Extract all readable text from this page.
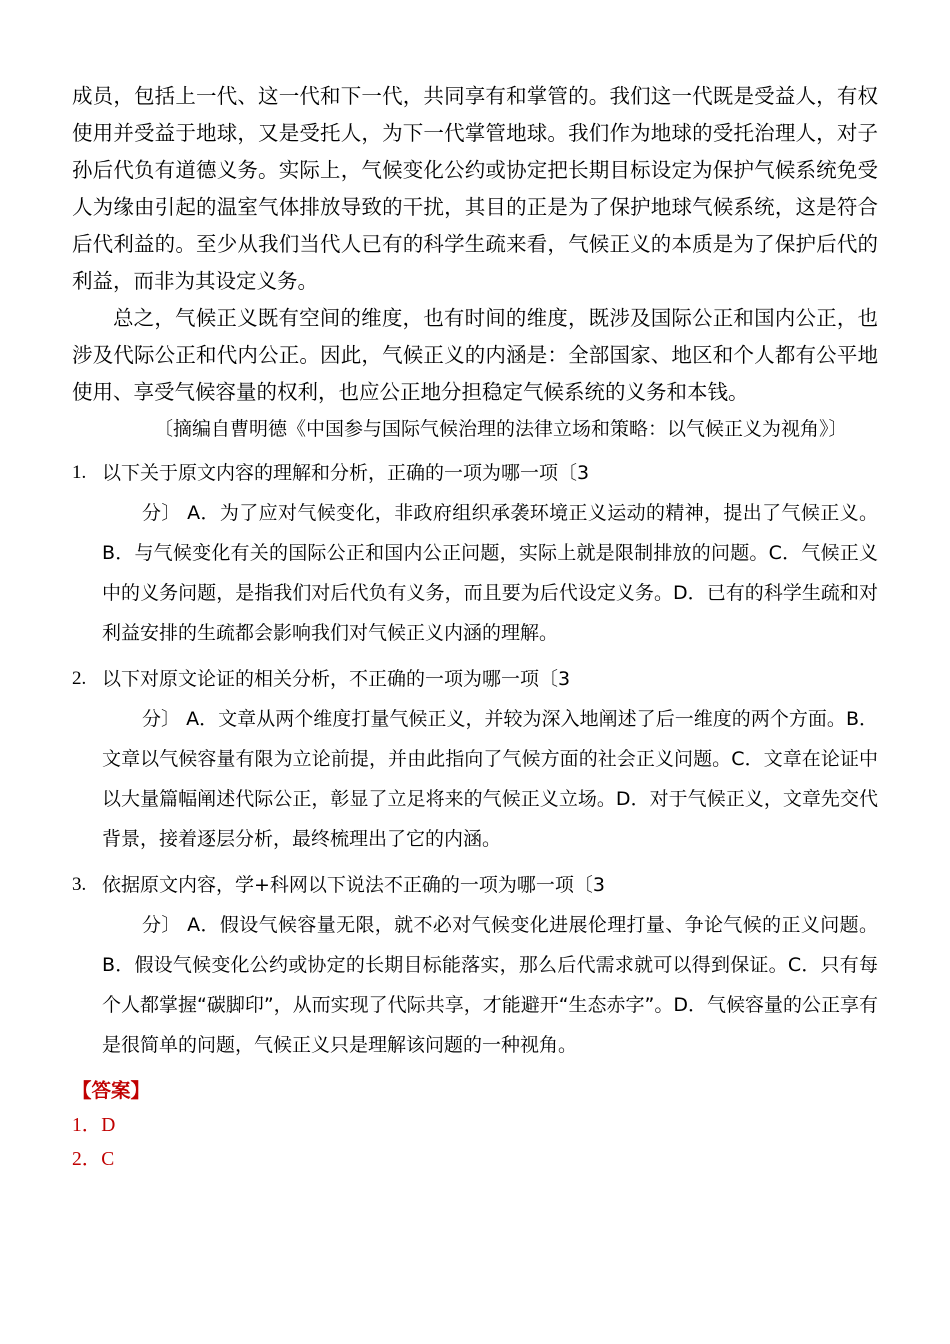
成员，包括上一代、这一代和下一代，共同享有和掌管的。我们这一代既是受益人，有权使用并受益于地球，又是受托人，为下一代掌管地球。我们作为地球的受托治理人，对子孙后代负有道德义务。实际上，气候变化公约或协定把长期目标设定为保护气候系统免受人为缘由引起的温室气体排放导致的干扰，其目的正是为了保护地球气候系统，这是符合后代利益的。至少从我们当代人已有的科学生疏来看，气候正义的本质是为了保护后代的利益，而非为其设定义务。

总之，气候正义既有空间的维度，也有时间的维度，既涉及国际公正和国内公正，也涉及代际公正和代内公正。因此，气候正义的内涵是：全部国家、地区和个人都有公平地使用、享受气候容量的权利，也应公正地分担稳定气候系统的义务和本钱。

〔摘编自曹明德《中国参与国际气候治理的法律立场和策略：以气候正义为视角》〕

1. 以下关于原文内容的理解和分析，正确的一项为哪一项〔3

分〕 A．为了应对气候变化，非政府组织承袭环境正义运动的精神，提出了气候正义。B．与气候变化有关的国际公正和国内公正问题，实际上就是限制排放的问题。C．气候正义中的义务问题，是指我们对后代负有义务，而且要为后代设定义务。D．已有的科学生疏和对利益安排的生疏都会影响我们对气候正义内涵的理解。

2. 以下对原文论证的相关分析，不正确的一项为哪一项〔3

分〕 A．文章从两个维度打量气候正义，并较为深入地阐述了后一维度的两个方面。B．文章以气候容量有限为立论前提，并由此指向了气候方面的社会正义问题。C．文章在论证中以大量篇幅阐述代际公正，彰显了立足将来的气候正义立场。D．对于气候正义，文章先交代背景，接着逐层分析，最终梳理出了它的内涵。

3. 依据原文内容，学+科网以下说法不正确的一项为哪一项〔3

分〕 A．假设气候容量无限，就不必对气候变化进展伦理打量、争论气候的正义问题。B．假设气候变化公约或协定的长期目标能落实，那么后代需求就可以得到保证。C．只有每个人都掌握“碳脚印”，从而实现了代际共享，才能避开“生态赤字”。D．气候容量的公正享有是很简单的问题，气候正义只是理解该问题的一种视角。

【答案】

1．D

2．C
